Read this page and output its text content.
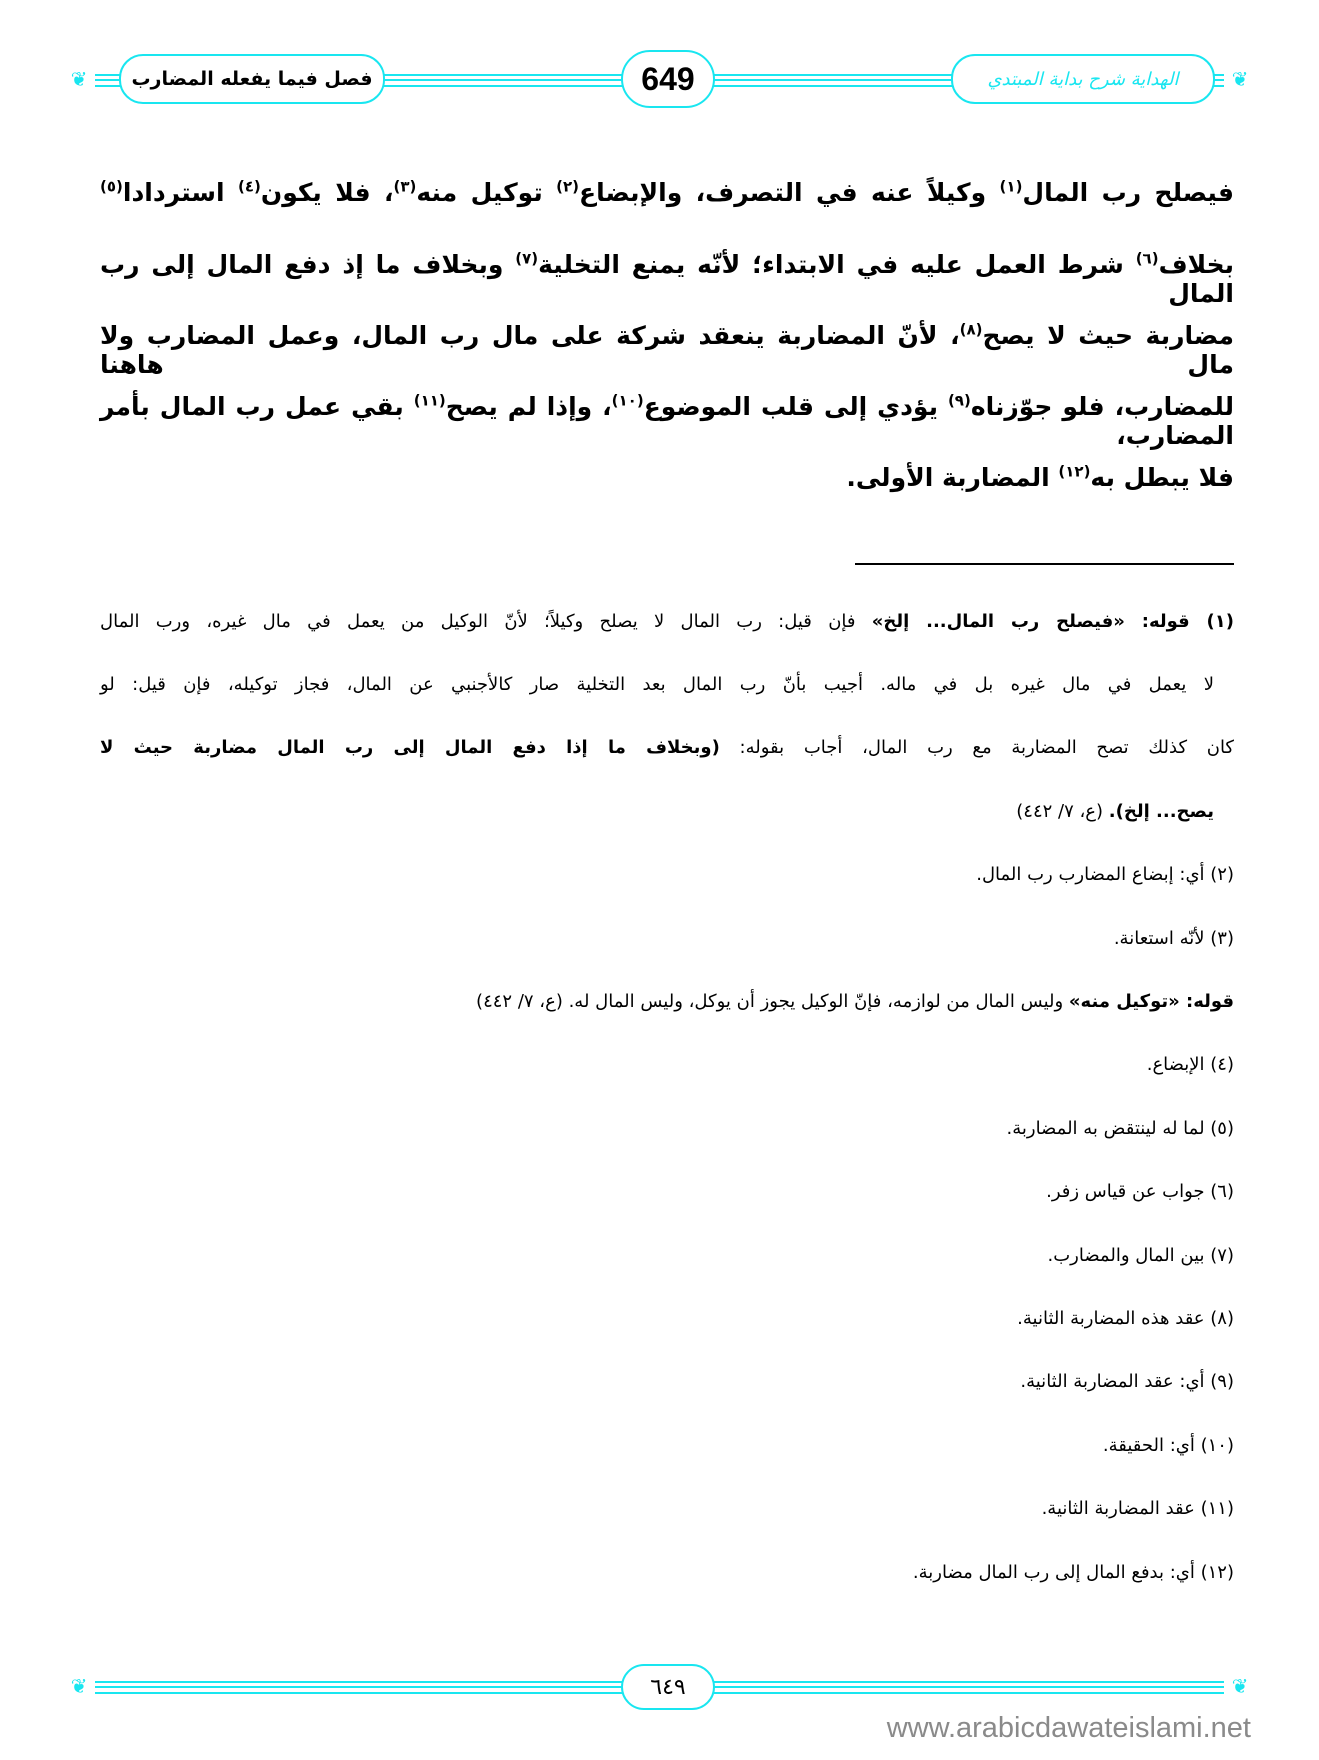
❦	❦
فصل فيما يفعله المضارب	649	الهداية شرح بداية المبتدي
فيصلح رب المال$^{(١)}$ وكيلاً عنه في التصرف، والإبضاع$^{(٢)}$ توكيل منه$^{(٣)}$، فلا يكون$^{(٤)}$ استردادا$^{(٥)}$
بخلاف$^{(٦)}$ شرط العمل عليه في الابتداء؛ لأنّه يمنع التخلية$^{(٧)}$ وبخلاف ما إذ دفع المال إلى رب المال
مضاربة حيث لا يصح$^{(٨)}$، لأنّ المضاربة ينعقد شركة على مال رب المال، وعمل المضارب ولا مال هاهنا
للمضارب، فلو جوّزناه$^{(٩)}$ يؤدي إلى قلب الموضوع$^{(١٠)}$، وإذا لم يصح$^{(١١)}$ بقي عمل رب المال بأمر المضارب،
فلا يبطل به$^{(١٢)}$ المضاربة الأولى.
(١) قوله: «فيصلح رب المال... إلخ» فإن قيل: رب المال لا يصلح وكيلاً؛ لأنّ الوكيل من يعمل في مال غيره، ورب المال
لا يعمل في مال غيره بل في ماله. أجيب بأنّ رب المال بعد التخلية صار كالأجنبي عن المال، فجاز توكيله، فإن قيل: لو
كان كذلك تصح المضاربة مع رب المال، أجاب بقوله: (وبخلاف ما إذا دفع المال إلى رب المال مضاربة حيث لا
يصح... إلخ). (ع، ٧/ ٤٤٢)
(٢) أي: إبضاع المضارب رب المال.
(٣) لأنّه استعانة.
قوله: «توكيل منه» وليس المال من لوازمه، فإنّ الوكيل يجوز أن يوكل، وليس المال له. (ع، ٧/ ٤٤٢)
(٤) الإبضاع.
(٥) لما له لينتقض به المضاربة.
(٦) جواب عن قياس زفر.
(٧) بين المال والمضارب.
(٨) عقد هذه المضاربة الثانية.
(٩) أي: عقد المضاربة الثانية.
(١٠) أي: الحقيقة.
(١١) عقد المضاربة الثانية.
(١٢) أي: بدفع المال إلى رب المال مضاربة.
❦	❦
٦٤٩
www.arabicdawateislami.net
